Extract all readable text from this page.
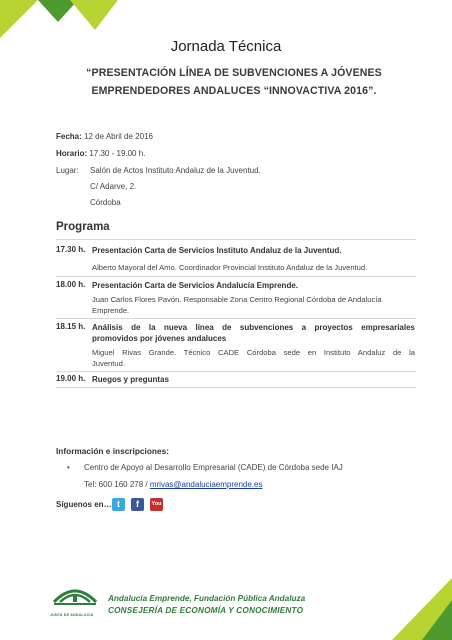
Jornada Técnica
“PRESENTACIÓN LÍNEA DE SUBVENCIONES A JÓVENES
EMPRENDEDORES ANDALUCES “INNOVACTIVA 2016”.
Fecha: 12 de Abril de 2016
Horario: 17.30 - 19.00 h.
Lugar: Salón de Actos Instituto Andaluz de la Juventud.
C/ Adarve, 2.
Córdoba
Programa
17.30 h. Presentación Carta de Servicios Instituto Andaluz de la Juventud.
Alberto Mayoral del Amo. Coordinador Provincial Instituto Andaluz de la Juventud.
18.00 h. Presentación Carta de Servicios Andalucía Emprende.
Juan Carlos Flores Pavón. Responsable Zona Centro Regional Córdoba de Andalucía
Emprende.
18.15 h. Análisis de la nueva línea de subvenciones a proyectos empresariales
promovidos por jóvenes andaluces
Miguel Rivas Grande. Técnico CADE Córdoba sede en Instituto Andaluz de la
Juventud.
19.00 h. Ruegos y preguntas
Información e inscripciones:
• Centro de Apoyo al Desarrollo Empresarial (CADE) de Córdoba sede IAJ
Tel: 600 160 278 / mrivas@andaluciaemprende.es
Síguenos en… t	f	You
JUNTA DE ANDALUCIA
Andalucía Emprende, Fundación Pública Andaluza
CONSEJERÍA DE ECONOMÍA Y CONOCIMIENTO
